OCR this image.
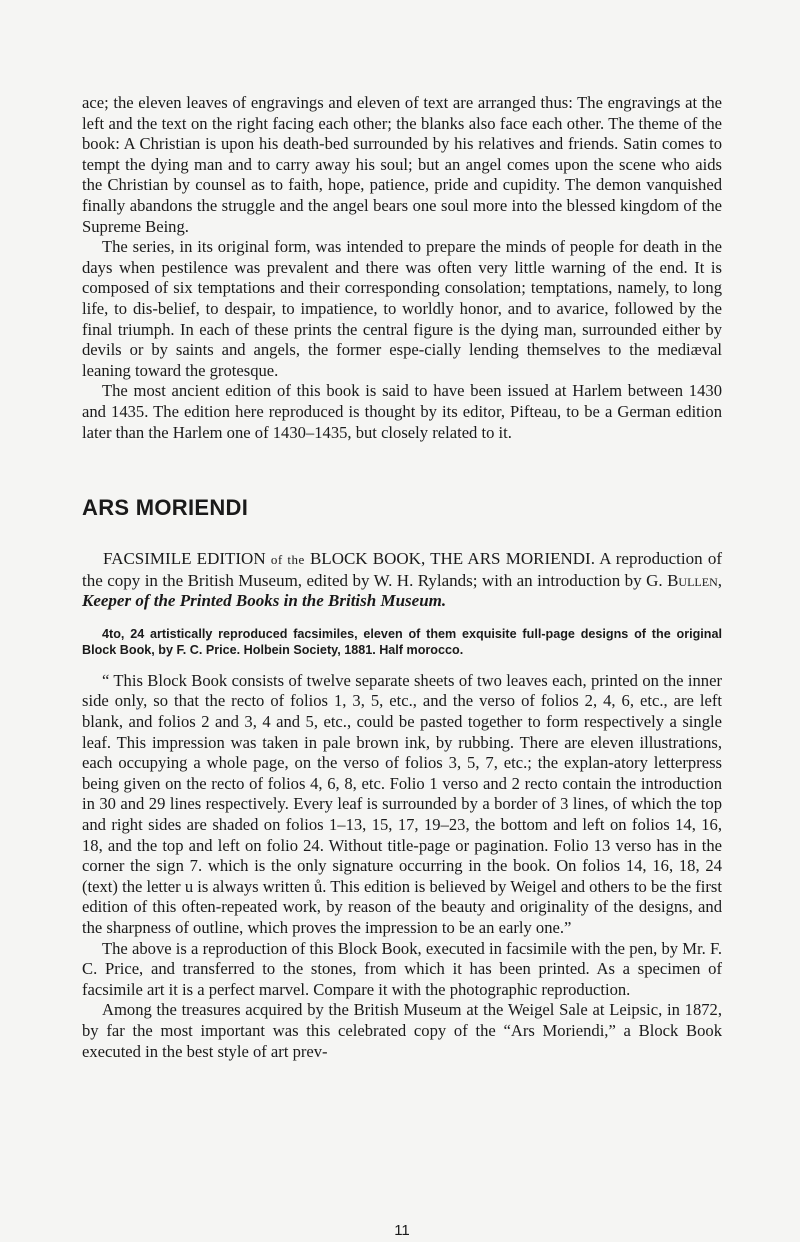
ace; the eleven leaves of engravings and eleven of text are arranged thus: The engravings at the left and the text on the right facing each other; the blanks also face each other. The theme of the book: A Christian is upon his death-bed surrounded by his relatives and friends. Satin comes to tempt the dying man and to carry away his soul; but an angel comes upon the scene who aids the Christian by counsel as to faith, hope, patience, pride and cupidity. The demon vanquished finally abandons the struggle and the angel bears one soul more into the blessed kingdom of the Supreme Being.

The series, in its original form, was intended to prepare the minds of people for death in the days when pestilence was prevalent and there was often very little warning of the end. It is composed of six temptations and their corresponding consolation; temptations, namely, to long life, to dis-belief, to despair, to impatience, to worldly honor, and to avarice, followed by the final triumph. In each of these prints the central figure is the dying man, surrounded either by devils or by saints and angels, the former espe-cially lending themselves to the mediæval leaning toward the grotesque.

The most ancient edition of this book is said to have been issued at Harlem between 1430 and 1435. The edition here reproduced is thought by its editor, Pifteau, to be a German edition later than the Harlem one of 1430–1435, but closely related to it.

ARS MORIENDI

FACSIMILE EDITION of the BLOCK BOOK, THE ARS MORIENDI. A reproduction of the copy in the British Museum, edited by W. H. Rylands; with an introduction by G. Bullen, Keeper of the Printed Books in the British Museum.

4to, 24 artistically reproduced facsimiles, eleven of them exquisite full-page designs of the original Block Book, by F. C. Price. Holbein Society, 1881. Half morocco.

“ This Block Book consists of twelve separate sheets of two leaves each, printed on the inner side only, so that the recto of folios 1, 3, 5, etc., and the verso of folios 2, 4, 6, etc., are left blank, and folios 2 and 3, 4 and 5, etc., could be pasted together to form respectively a single leaf. This impression was taken in pale brown ink, by rubbing. There are eleven illustrations, each occupying a whole page, on the verso of folios 3, 5, 7, etc.; the explan-atory letterpress being given on the recto of folios 4, 6, 8, etc. Folio 1 verso and 2 recto contain the introduction in 30 and 29 lines respectively. Every leaf is surrounded by a border of 3 lines, of which the top and right sides are shaded on folios 1–13, 15, 17, 19–23, the bottom and left on folios 14, 16, 18, and the top and left on folio 24. Without title-page or pagination. Folio 13 verso has in the corner the sign 7. which is the only signature occurring in the book. On folios 14, 16, 18, 24 (text) the letter u is always written ů. This edition is believed by Weigel and others to be the first edition of this often-repeated work, by reason of the beauty and originality of the designs, and the sharpness of outline, which proves the impression to be an early one.”

The above is a reproduction of this Block Book, executed in facsimile with the pen, by Mr. F. C. Price, and transferred to the stones, from which it has been printed. As a specimen of facsimile art it is a perfect marvel. Compare it with the photographic reproduction.

Among the treasures acquired by the British Museum at the Weigel Sale at Leipsic, in 1872, by far the most important was this celebrated copy of the “Ars Moriendi,” a Block Book executed in the best style of art prev-

11
